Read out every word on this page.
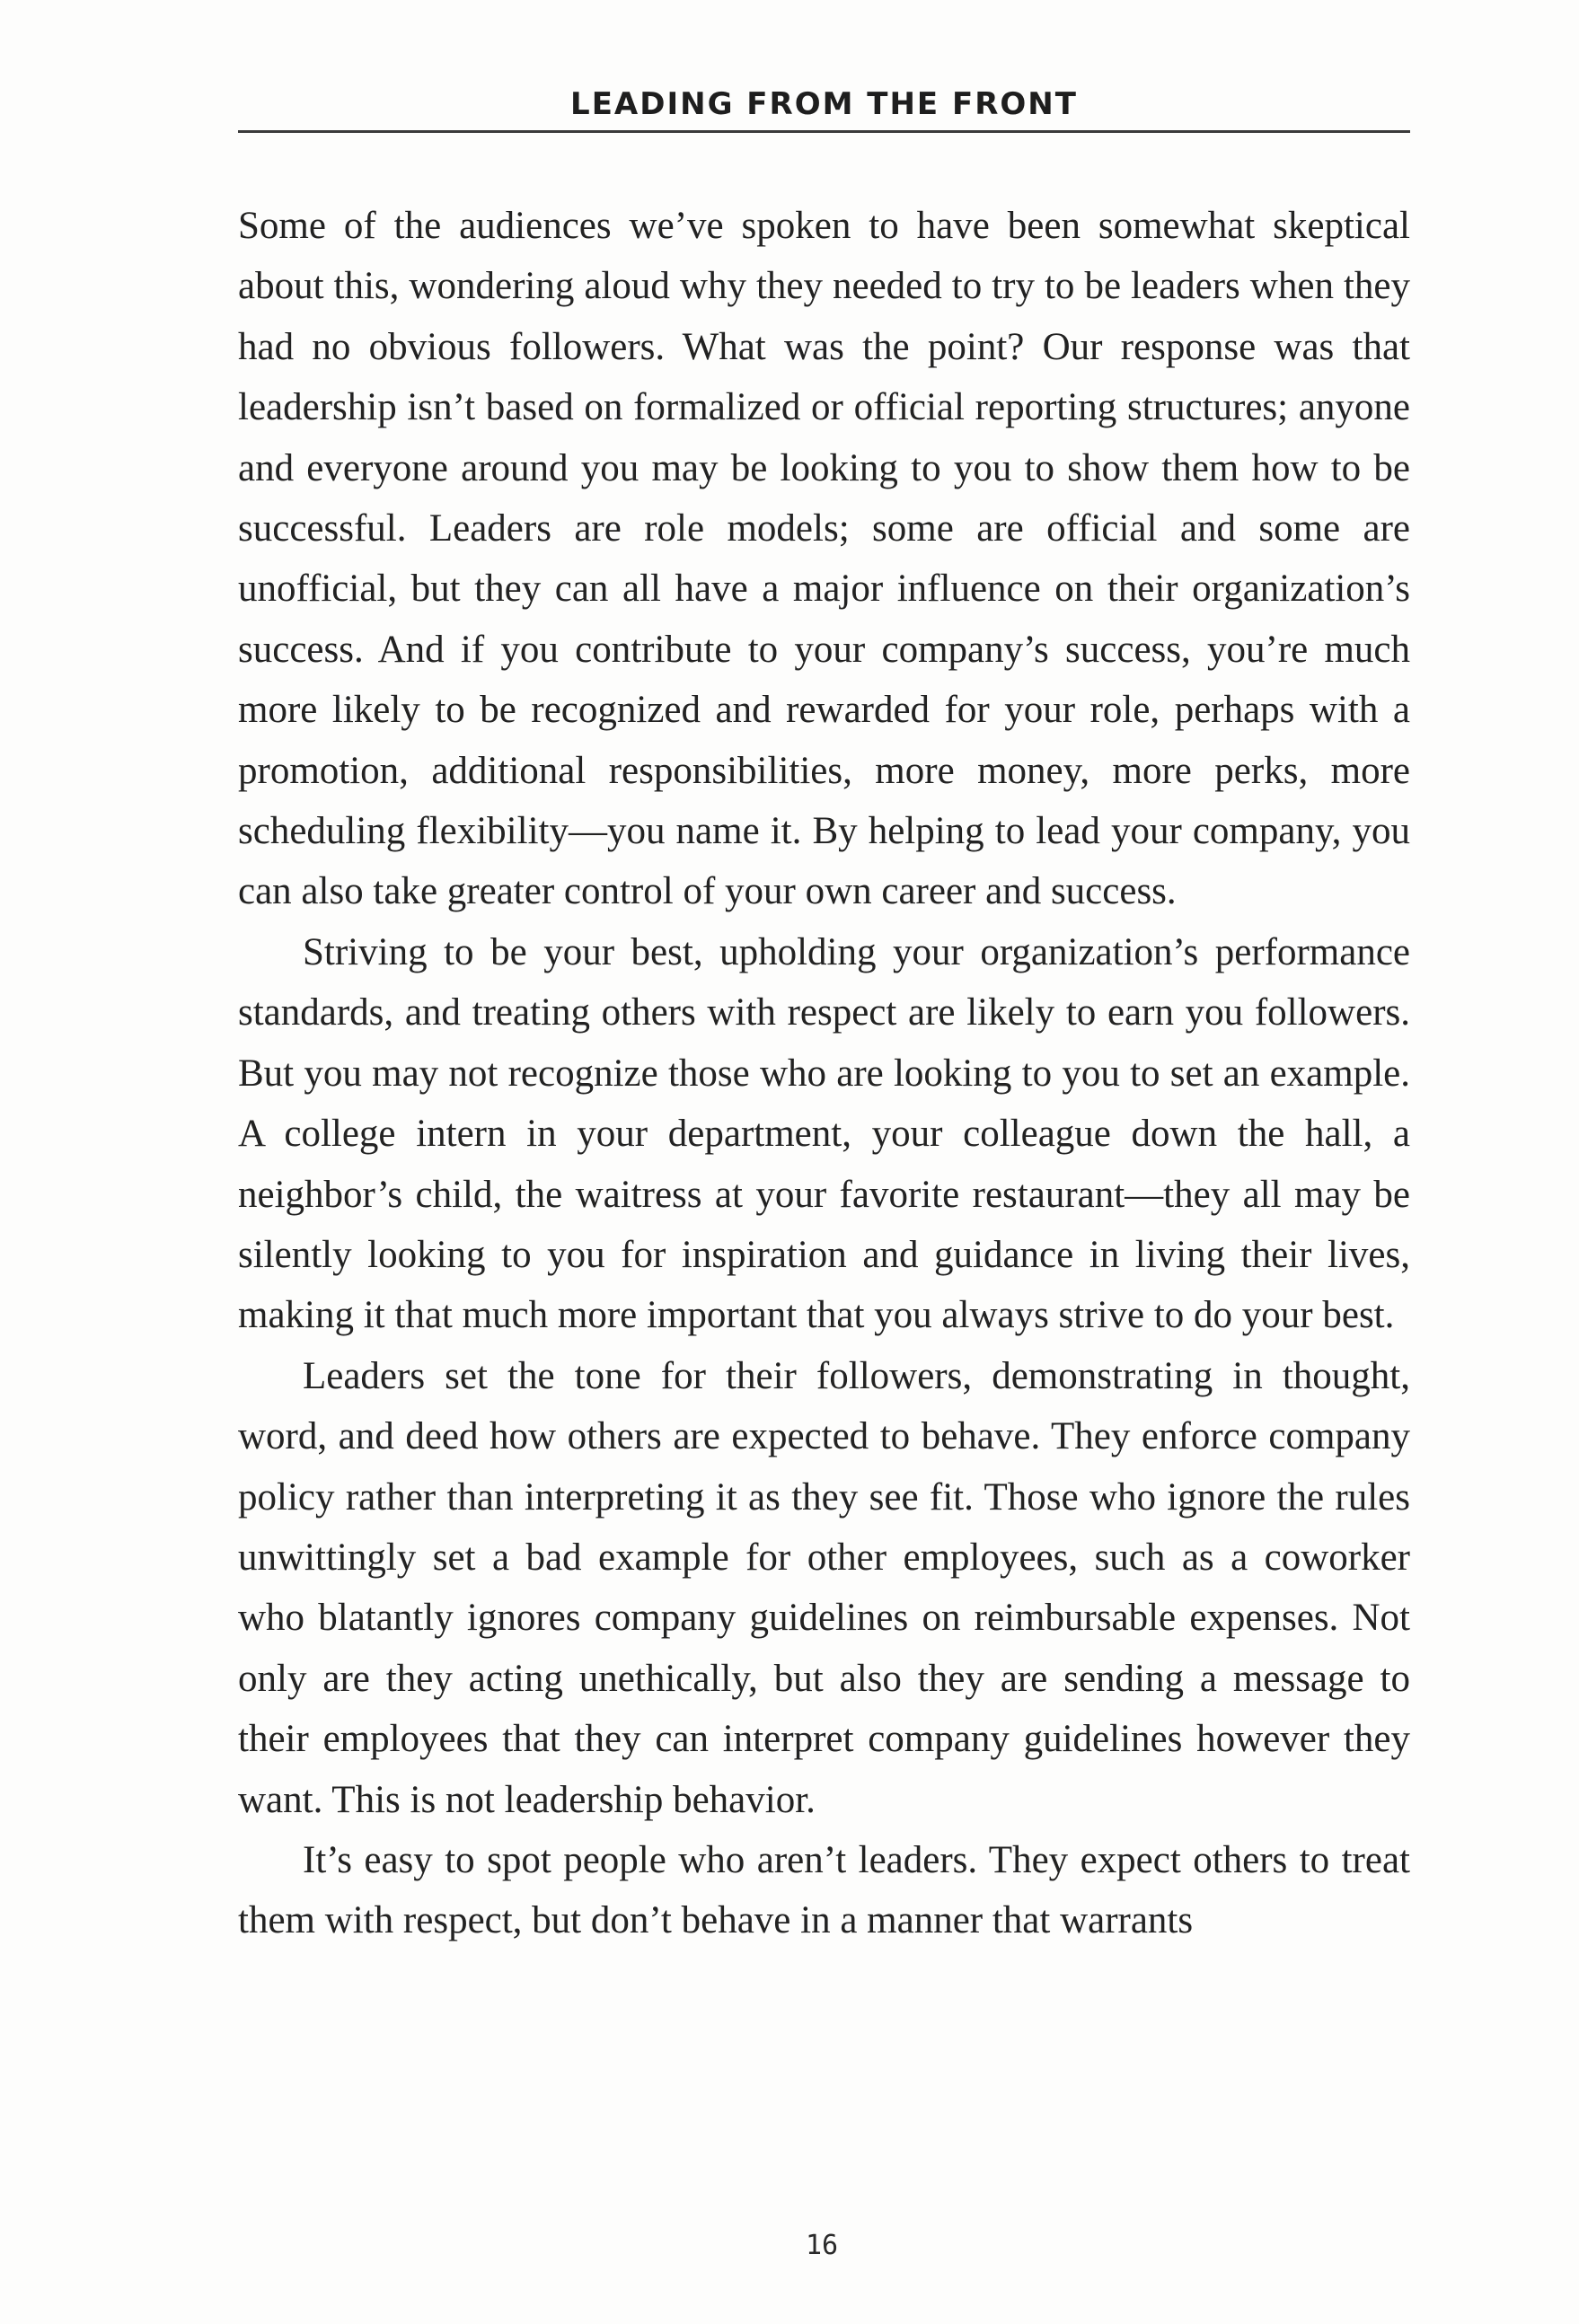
LEADING FROM THE FRONT

Some of the audiences we’ve spoken to have been somewhat skeptical about this, wondering aloud why they needed to try to be leaders when they had no obvious followers. What was the point? Our response was that leadership isn’t based on formalized or official reporting structures; anyone and everyone around you may be looking to you to show them how to be successful. Leaders are role models; some are official and some are unofficial, but they can all have a major influence on their organization’s success. And if you contribute to your company’s success, you’re much more likely to be recognized and rewarded for your role, perhaps with a promotion, additional responsibilities, more money, more perks, more scheduling flexibility—you name it. By helping to lead your company, you can also take greater control of your own career and success.

Striving to be your best, upholding your organization’s performance standards, and treating others with respect are likely to earn you followers. But you may not recognize those who are looking to you to set an example. A college intern in your department, your colleague down the hall, a neighbor’s child, the waitress at your favorite restaurant—they all may be silently looking to you for inspiration and guidance in living their lives, making it that much more important that you always strive to do your best.

Leaders set the tone for their followers, demonstrating in thought, word, and deed how others are expected to behave. They enforce company policy rather than interpreting it as they see fit. Those who ignore the rules unwittingly set a bad example for other employees, such as a coworker who blatantly ignores company guidelines on reimbursable expenses. Not only are they acting unethically, but also they are sending a message to their employees that they can interpret company guidelines however they want. This is not leadership behavior.

It’s easy to spot people who aren’t leaders. They expect others to treat them with respect, but don’t behave in a manner that warrants

16
